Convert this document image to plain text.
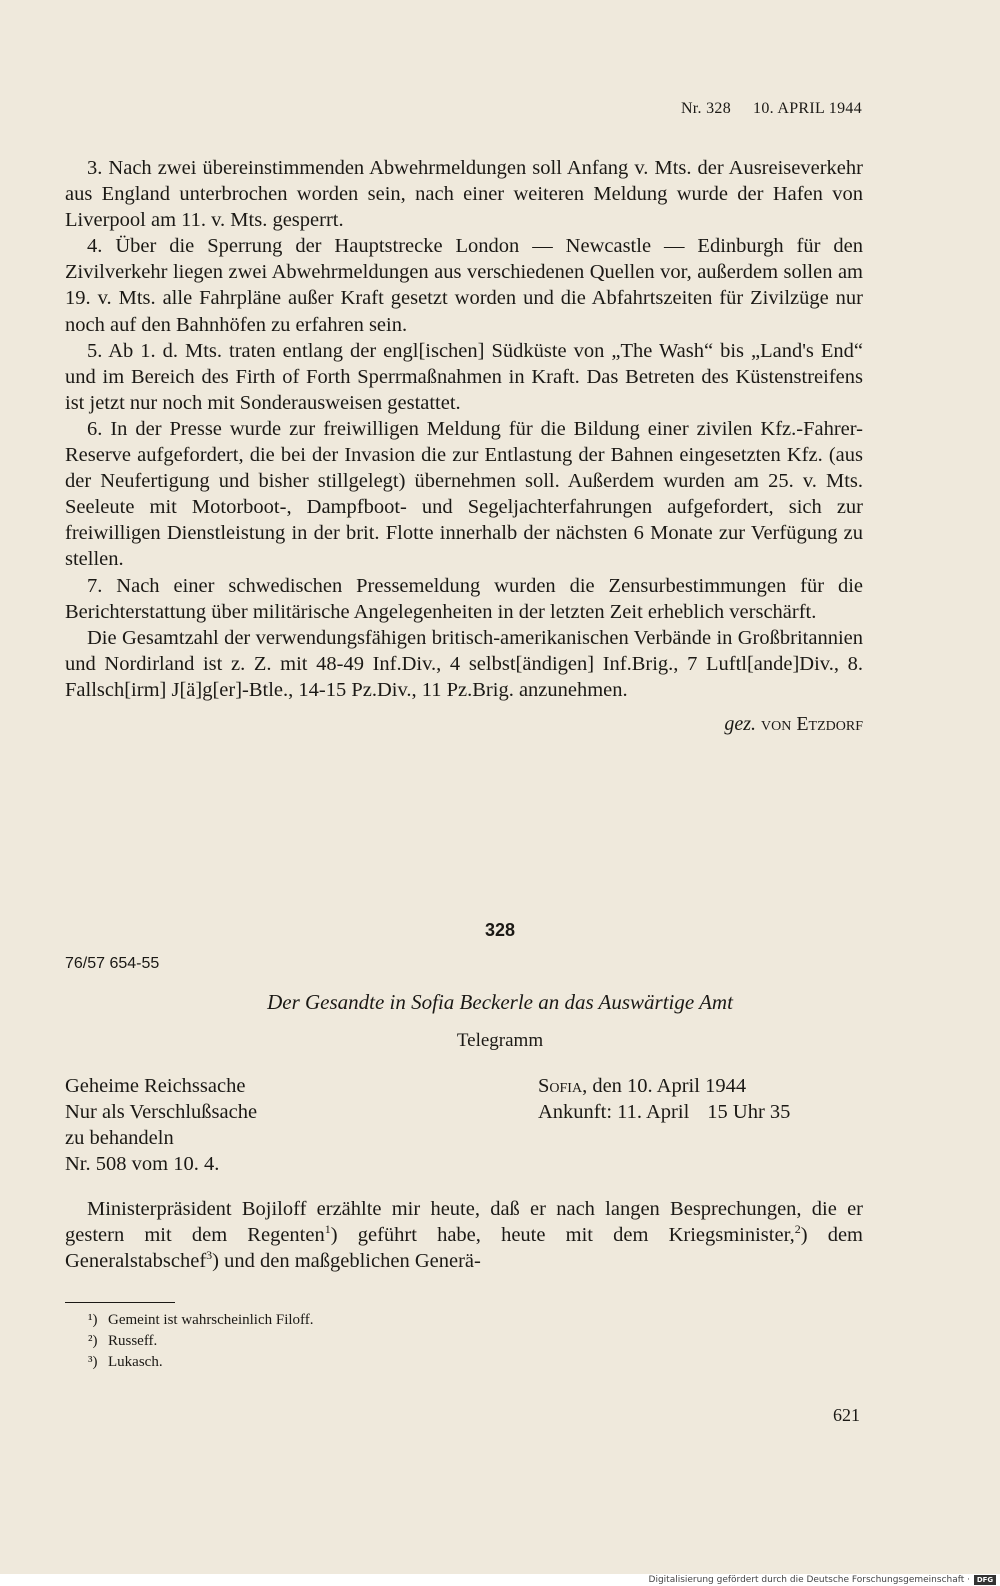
Nr. 328 10. APRIL 1944

3. Nach zwei übereinstimmenden Abwehrmeldungen soll Anfang v. Mts. der Ausreiseverkehr aus England unterbrochen worden sein, nach einer weiteren Meldung wurde der Hafen von Liverpool am 11. v. Mts. gesperrt.

4. Über die Sperrung der Hauptstrecke London — Newcastle — Edinburgh für den Zivilverkehr liegen zwei Abwehrmeldungen aus verschiedenen Quellen vor, außerdem sollen am 19. v. Mts. alle Fahrpläne außer Kraft gesetzt worden und die Abfahrtszeiten für Zivilzüge nur noch auf den Bahnhöfen zu erfahren sein.

5. Ab 1. d. Mts. traten entlang der engl[ischen] Südküste von „The Wash“ bis „Land's End“ und im Bereich des Firth of Forth Sperrmaßnahmen in Kraft. Das Betreten des Küstenstreifens ist jetzt nur noch mit Sonderausweisen gestattet.

6. In der Presse wurde zur freiwilligen Meldung für die Bildung einer zivilen Kfz.-Fahrer-Reserve aufgefordert, die bei der Invasion die zur Entlastung der Bahnen eingesetzten Kfz. (aus der Neufertigung und bisher stillgelegt) übernehmen soll. Außerdem wurden am 25. v. Mts. Seeleute mit Motorboot-, Dampfboot- und Segeljachterfahrungen aufgefordert, sich zur freiwilligen Dienstleistung in der brit. Flotte innerhalb der nächsten 6 Monate zur Verfügung zu stellen.

7. Nach einer schwedischen Pressemeldung wurden die Zensurbestimmungen für die Berichterstattung über militärische Angelegenheiten in der letzten Zeit erheblich verschärft.

Die Gesamtzahl der verwendungsfähigen britisch-amerikanischen Verbände in Großbritannien und Nordirland ist z. Z. mit 48-49 Inf.Div., 4 selbst[ändigen] Inf.Brig., 7 Luftl[ande]Div., 8. Fallsch[irm] J[ä]g[er]-Btle., 14-15 Pz.Div., 11 Pz.Brig. anzunehmen.

gez. von Etzdorf
328
76/57 654-55
Der Gesandte in Sofia Beckerle an das Auswärtige Amt
Telegramm
Geheime Reichssache
Nur als Verschlußsache
zu behandeln
Nr. 508 vom 10. 4.
Sofia, den 10. April 1944
Ankunft: 11. April 15 Uhr 35

Ministerpräsident Bojiloff erzählte mir heute, daß er nach langen Besprechungen, die er gestern mit dem Regenten$^1$) geführt habe, heute mit dem Kriegsminister,$^2$) dem Generalstabschef$^3$) und den maßgeblichen Generä-

¹) Gemeint ist wahrscheinlich Filoff.
²) Russeff.
³) Lukasch.
621
Digitalisierung gefördert durch die Deutsche Forschungsgemeinschaft · DFG
